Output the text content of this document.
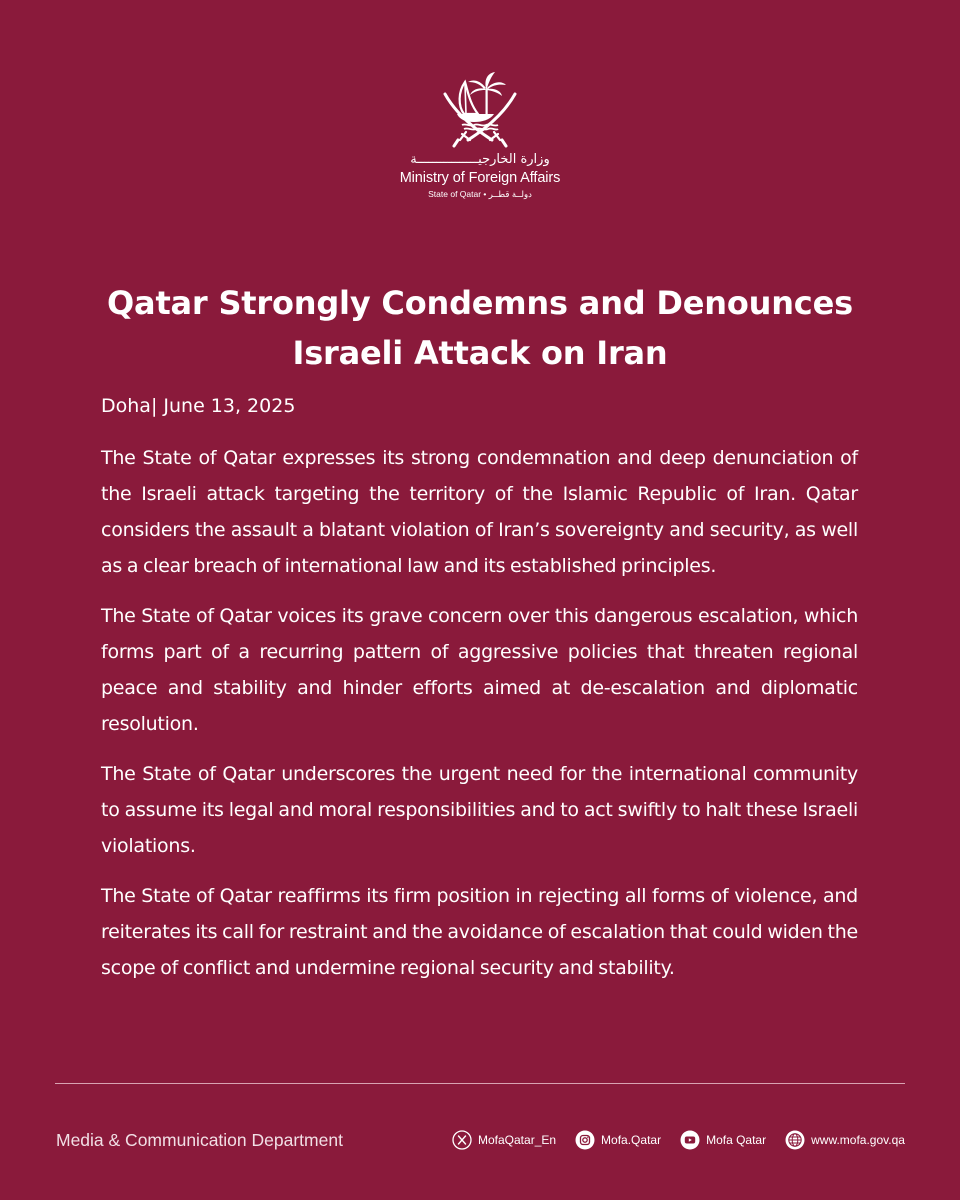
وزارة الخارجيــــــــــــــــة
Ministry of Foreign Affairs
State of Qatar • دولــة قطــر
Qatar Strongly Condemns and Denounces
Israeli Attack on Iran
Doha| June 13, 2025

The State of Qatar expresses its strong condemnation and deep denunciation of the Israeli attack targeting the territory of the Islamic Republic of Iran. Qatar considers the assault a blatant violation of Iran’s sovereignty and security, as well as a clear breach of international law and its established principles.

The State of Qatar voices its grave concern over this dangerous escalation, which forms part of a recurring pattern of aggressive policies that threaten regional peace and stability and hinder efforts aimed at de-escalation and diplomatic resolution.

The State of Qatar underscores the urgent need for the international community to assume its legal and moral responsibilities and to act swiftly to halt these Israeli violations.

The State of Qatar reaffirms its firm position in rejecting all forms of violence, and reiterates its call for restraint and the avoidance of escalation that could widen the scope of conflict and undermine regional security and stability.

Media & Communication Department	MofaQatar_En	Mofa.Qatar	Mofa Qatar	www.mofa.gov.qa
